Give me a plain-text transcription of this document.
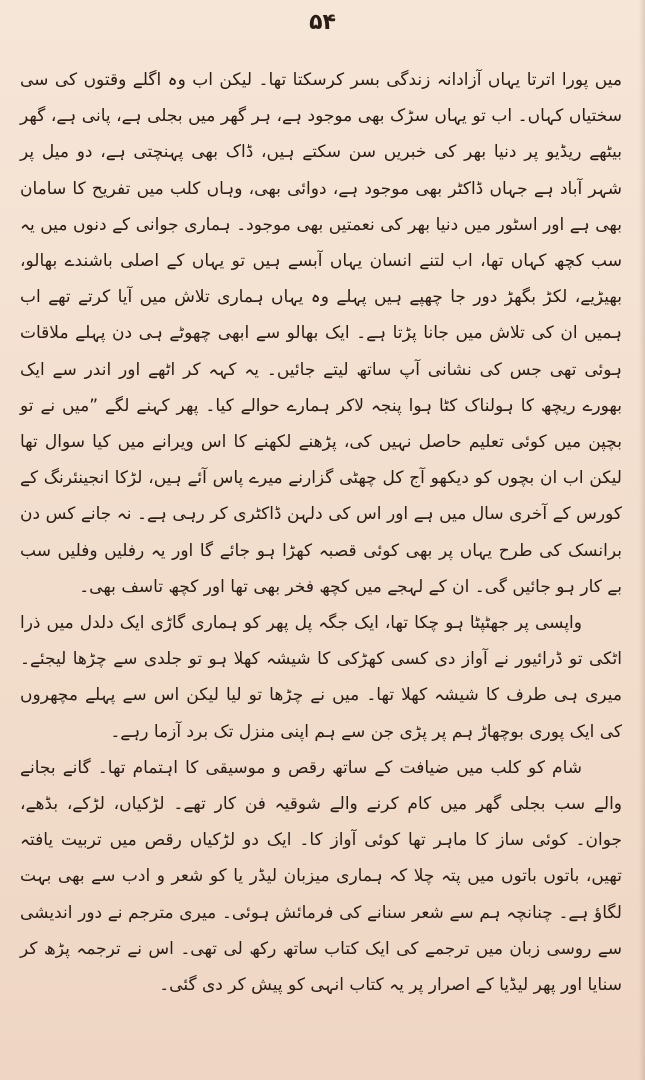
۵۴

میں پورا اترتا یہاں آزادانہ زندگی بسر کرسکتا تھا۔ لیکن اب وہ اگلے وقتوں کی سی سختیاں کہاں۔ اب تو یہاں سڑک بھی موجود ہے، ہر گھر میں بجلی ہے، پانی ہے، گھر بیٹھے ریڈیو پر دنیا بھر کی خبریں سن سکتے ہیں، ڈاک بھی پہنچتی ہے، دو میل پر شہر آباد ہے جہاں ڈاکٹر بھی موجود ہے، دوائی بھی، وہاں کلب میں تفریح کا سامان بھی ہے اور اسٹور میں دنیا بھر کی نعمتیں بھی موجود۔ ہماری جوانی کے دنوں میں یہ سب کچھ کہاں تھا، اب لتنے انسان یہاں آبسے ہیں تو یہاں کے اصلی باشندے بھالو، بھیڑیے، لکڑ بگھڑ دور جا چھپے ہیں پہلے وہ یہاں ہماری تلاش میں آیا کرتے تھے اب ہمیں ان کی تلاش میں جانا پڑتا ہے۔ ایک بھالو سے ابھی چھوٹے ہی دن پہلے ملاقات ہوئی تھی جس کی نشانی آپ ساتھ لیتے جائیں۔ یہ کہہ کر اٹھے اور اندر سے ایک بھورے ریچھ کا ہولناک کٹا ہوا پنجہ لاکر ہمارے حوالے کیا۔ پھر کہنے لگے ”میں نے تو بچپن میں کوئی تعلیم حاصل نہیں کی، پڑھنے لکھنے کا اس ویرانے میں کیا سوال تھا لیکن اب ان بچوں کو دیکھو آج کل چھٹی گزارنے میرے پاس آئے ہیں، لڑکا انجینئرنگ کے کورس کے آخری سال میں ہے اور اس کی دلہن ڈاکٹری کر رہی ہے۔ نہ جانے کس دن برانسک کی طرح یہاں پر بھی کوئی قصبہ کھڑا ہو جائے گا اور یہ رفلیں وفلیں سب بے کار ہو جائیں گی۔ ان کے لہجے میں کچھ فخر بھی تھا اور کچھ تاسف بھی۔

واپسی پر جھٹپٹا ہو چکا تھا، ایک جگہ پل پھر کو ہماری گاڑی ایک دلدل میں ذرا اٹکی تو ڈرائیور نے آواز دی کسی کھڑکی کا شیشہ کھلا ہو تو جلدی سے چڑھا لیجئے۔ میری ہی طرف کا شیشہ کھلا تھا۔ میں نے چڑھا تو لیا لیکن اس سے پہلے مچھروں کی ایک پوری بوچھاڑ ہم پر پڑی جن سے ہم اپنی منزل تک برد آزما رہے۔

شام کو کلب میں ضیافت کے ساتھ رقص و موسیقی کا اہتمام تھا۔ گانے بجانے والے سب بجلی گھر میں کام کرنے والے شوقیہ فن کار تھے۔ لڑکیاں، لڑکے، بڈھے، جوان۔ کوئی ساز کا ماہر تھا کوئی آواز کا۔ ایک دو لڑکیاں رقص میں تربیت یافتہ تھیں، باتوں باتوں میں پتہ چلا کہ ہماری میزبان لیڈر یا کو شعر و ادب سے بھی بہت لگاؤ ہے۔ چنانچہ ہم سے شعر سنانے کی فرمائش ہوئی۔ میری مترجم نے دور اندیشی سے روسی زبان میں ترجمے کی ایک کتاب ساتھ رکھ لی تھی۔ اس نے ترجمہ پڑھ کر سنایا اور پھر لیڈیا کے اصرار پر یہ کتاب انہی کو پیش کر دی گئی۔
